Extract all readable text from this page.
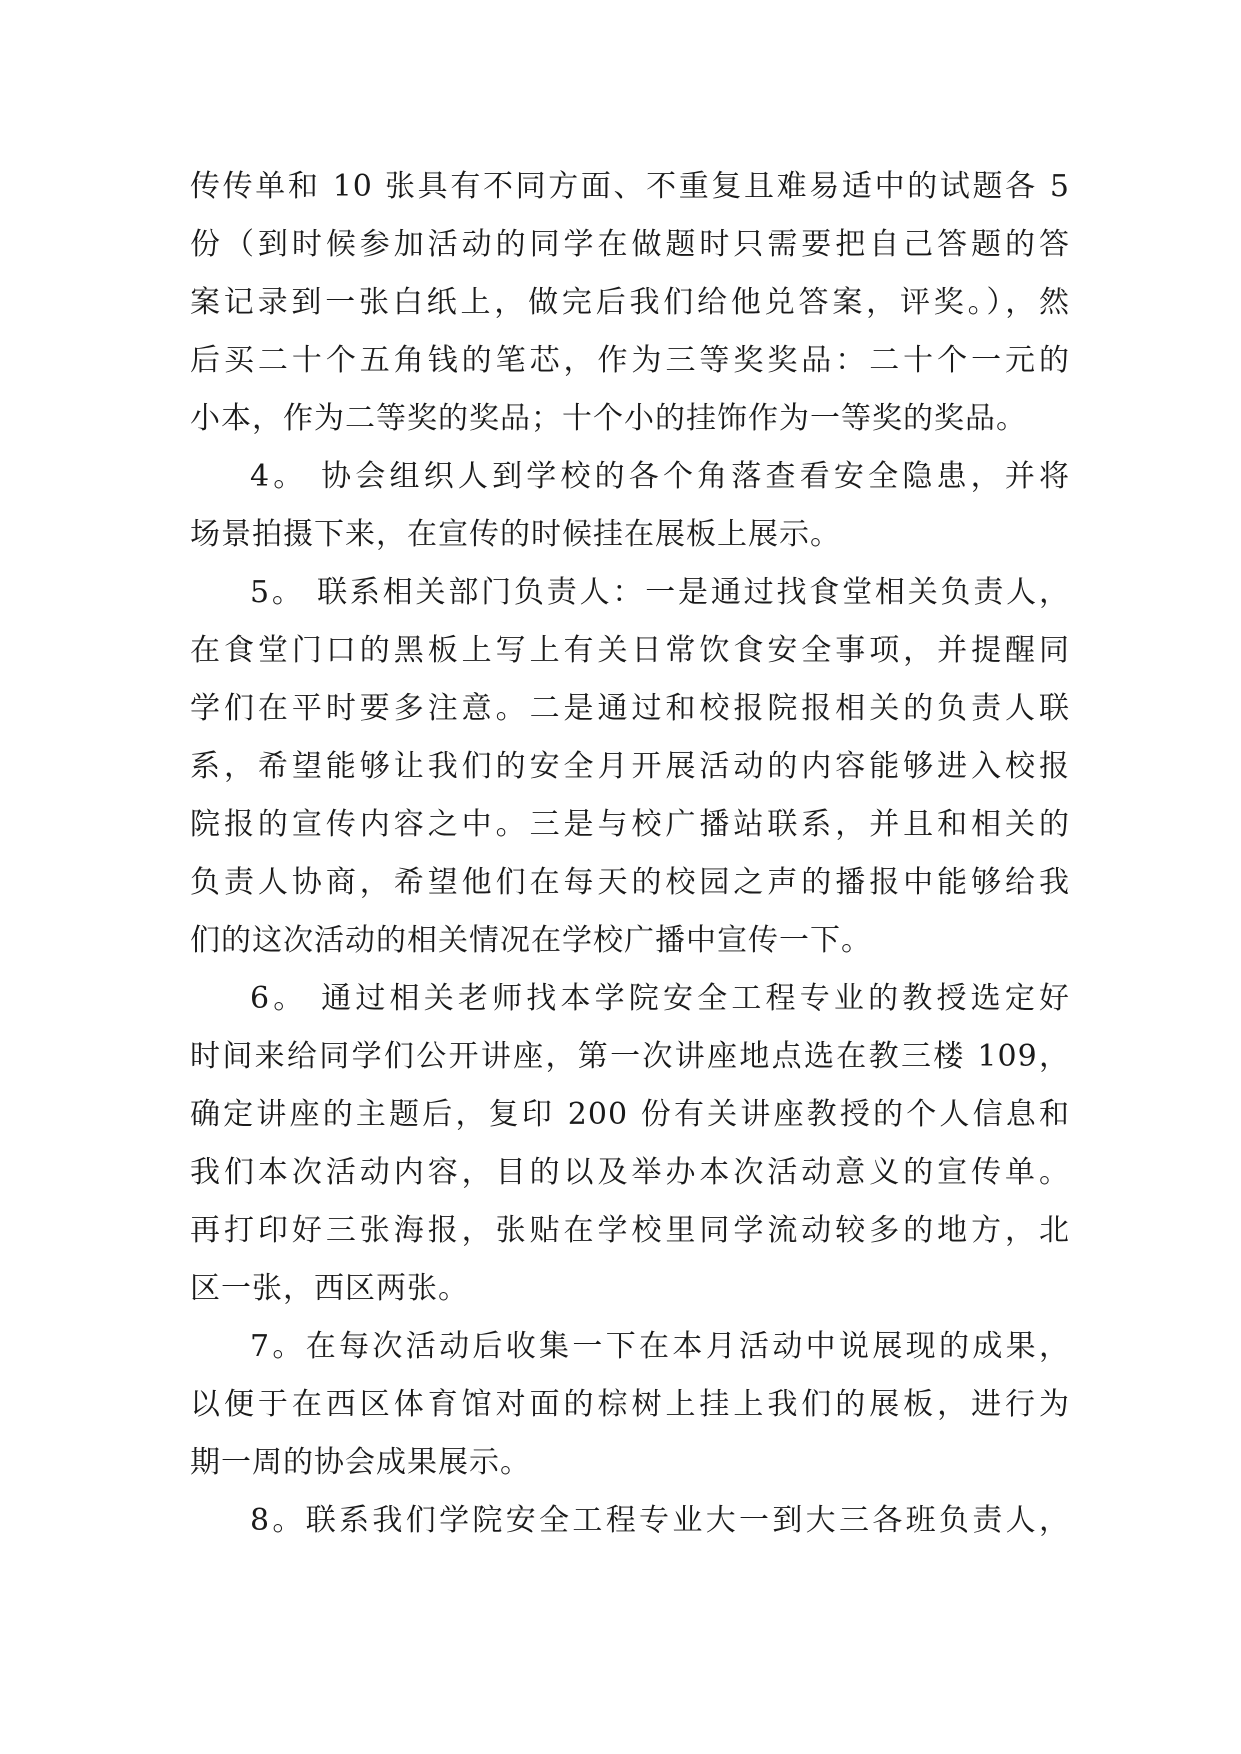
传传单和 10 张具有不同方面、不重复且难易适中的试题各 5
份（到时候参加活动的同学在做题时只需要把自己答题的答
案记录到一张白纸上，做完后我们给他兑答案，评奖。），然
后买二十个五角钱的笔芯，作为三等奖奖品：二十个一元的
小本，作为二等奖的奖品；十个小的挂饰作为一等奖的奖品。
4。 协会组织人到学校的各个角落查看安全隐患，并将
场景拍摄下来，在宣传的时候挂在展板上展示。
5。 联系相关部门负责人：一是通过找食堂相关负责人，
在食堂门口的黑板上写上有关日常饮食安全事项，并提醒同
学们在平时要多注意。二是通过和校报院报相关的负责人联
系，希望能够让我们的安全月开展活动的内容能够进入校报
院报的宣传内容之中。三是与校广播站联系，并且和相关的
负责人协商，希望他们在每天的校园之声的播报中能够给我
们的这次活动的相关情况在学校广播中宣传一下。
6。 通过相关老师找本学院安全工程专业的教授选定好
时间来给同学们公开讲座，第一次讲座地点选在教三楼 109，
确定讲座的主题后，复印 200 份有关讲座教授的个人信息和
我们本次活动内容，目的以及举办本次活动意义的宣传单。
再打印好三张海报，张贴在学校里同学流动较多的地方，北
区一张，西区两张。
7。在每次活动后收集一下在本月活动中说展现的成果，
以便于在西区体育馆对面的棕树上挂上我们的展板，进行为
期一周的协会成果展示。
8。联系我们学院安全工程专业大一到大三各班负责人，
